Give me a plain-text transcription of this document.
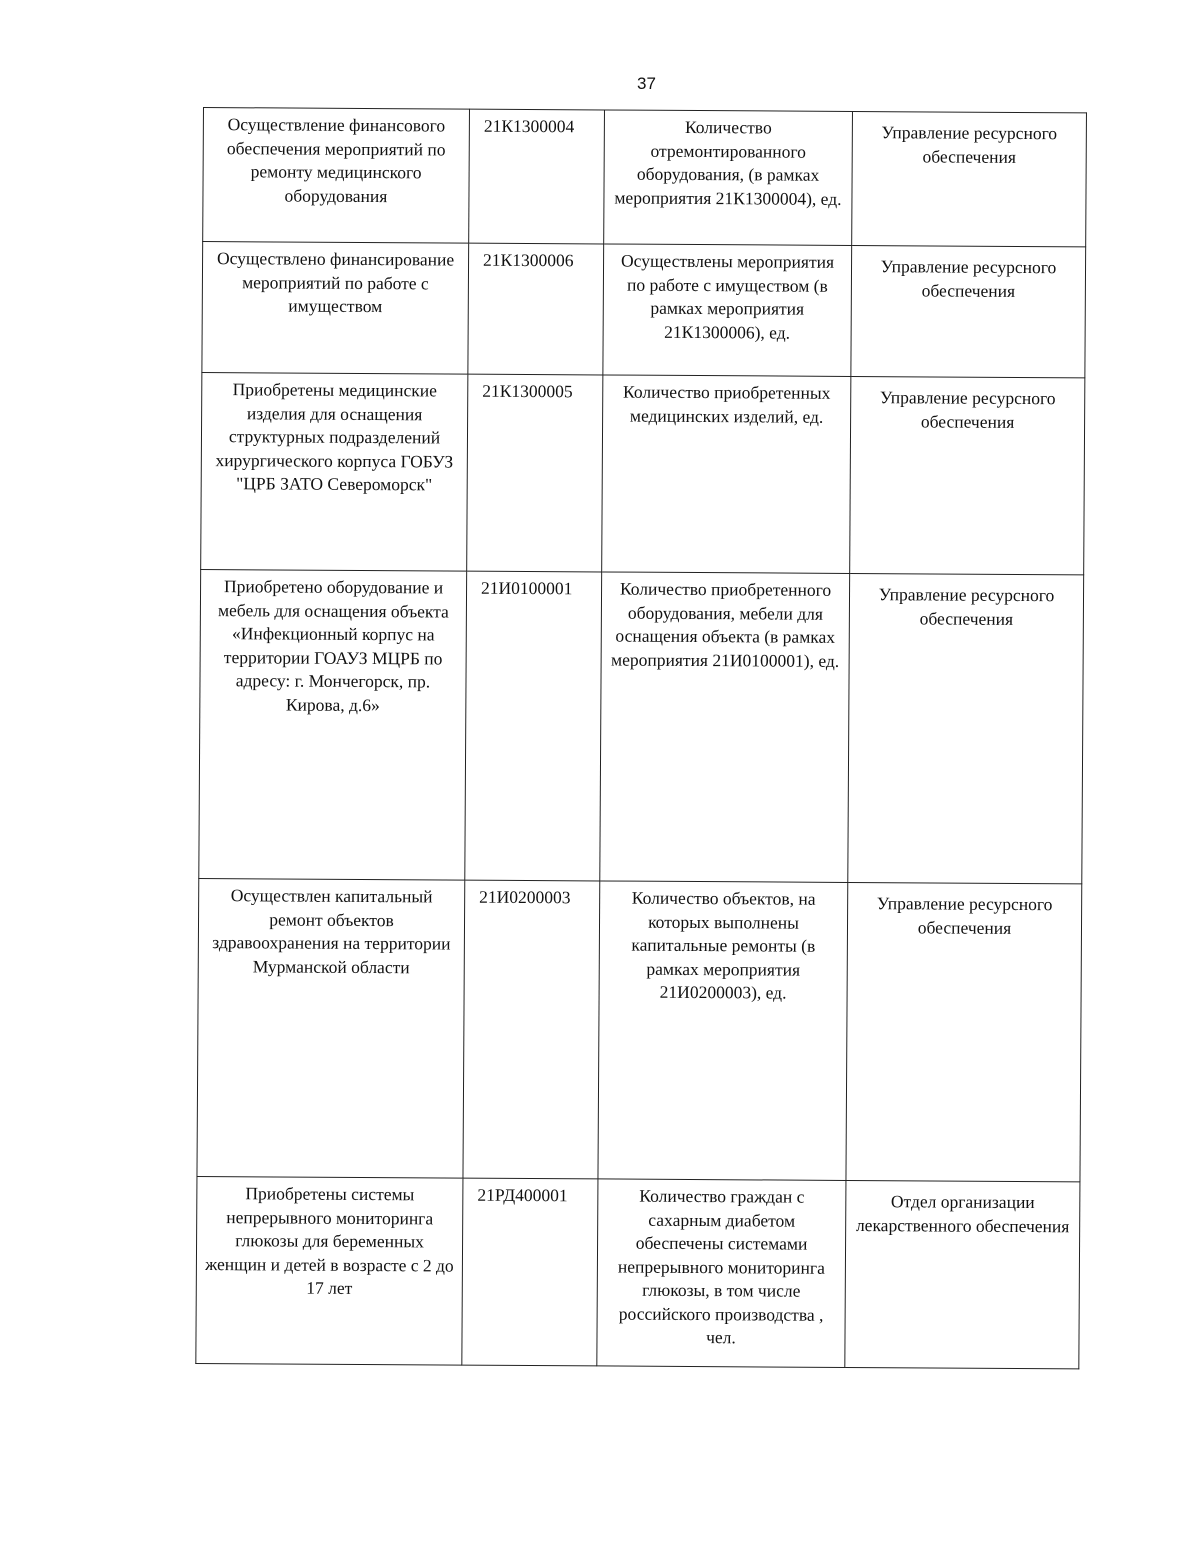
37
Осуществление финансового обеспечения мероприятий по ремонту медицинского оборудования	21К1300004	Количество отремонтированного оборудования, (в рамках мероприятия 21К1300004), ед.	Управление ресурсного обеспечения

Осуществлено финансирование мероприятий по работе с имуществом	21К1300006	Осуществлены мероприятия по работе с имуществом (в рамках мероприятия 21К1300006), ед.	Управление ресурсного обеспечения

Приобретены медицинские изделия для оснащения структурных подразделений хирургического корпуса ГОБУЗ "ЦРБ ЗАТО Североморск"	21К1300005	Количество приобретенных медицинских изделий, ед.	Управление ресурсного обеспечения

Приобретено оборудование и мебель для оснащения объекта «Инфекционный корпус на территории ГОАУЗ МЦРБ по адресу: г. Мончегорск, пр. Кирова, д.6»	21И0100001	Количество приобретенного оборудования, мебели для оснащения объекта (в рамках мероприятия 21И0100001), ед.	Управление ресурсного обеспечения

Осуществлен капитальный ремонт объектов здравоохранения на территории Мурманской области	21И0200003	Количество объектов, на которых выполнены капитальные ремонты (в рамках мероприятия 21И0200003), ед.	Управление ресурсного обеспечения

Приобретены системы непрерывного мониторинга глюкозы для беременных женщин и детей в возрасте с 2 до 17 лет	21РД400001	Количество граждан с сахарным диабетом обеспечены системами непрерывного мониторинга глюкозы, в том числе российского производства , чел.	Отдел организации лекарственного обеспечения
